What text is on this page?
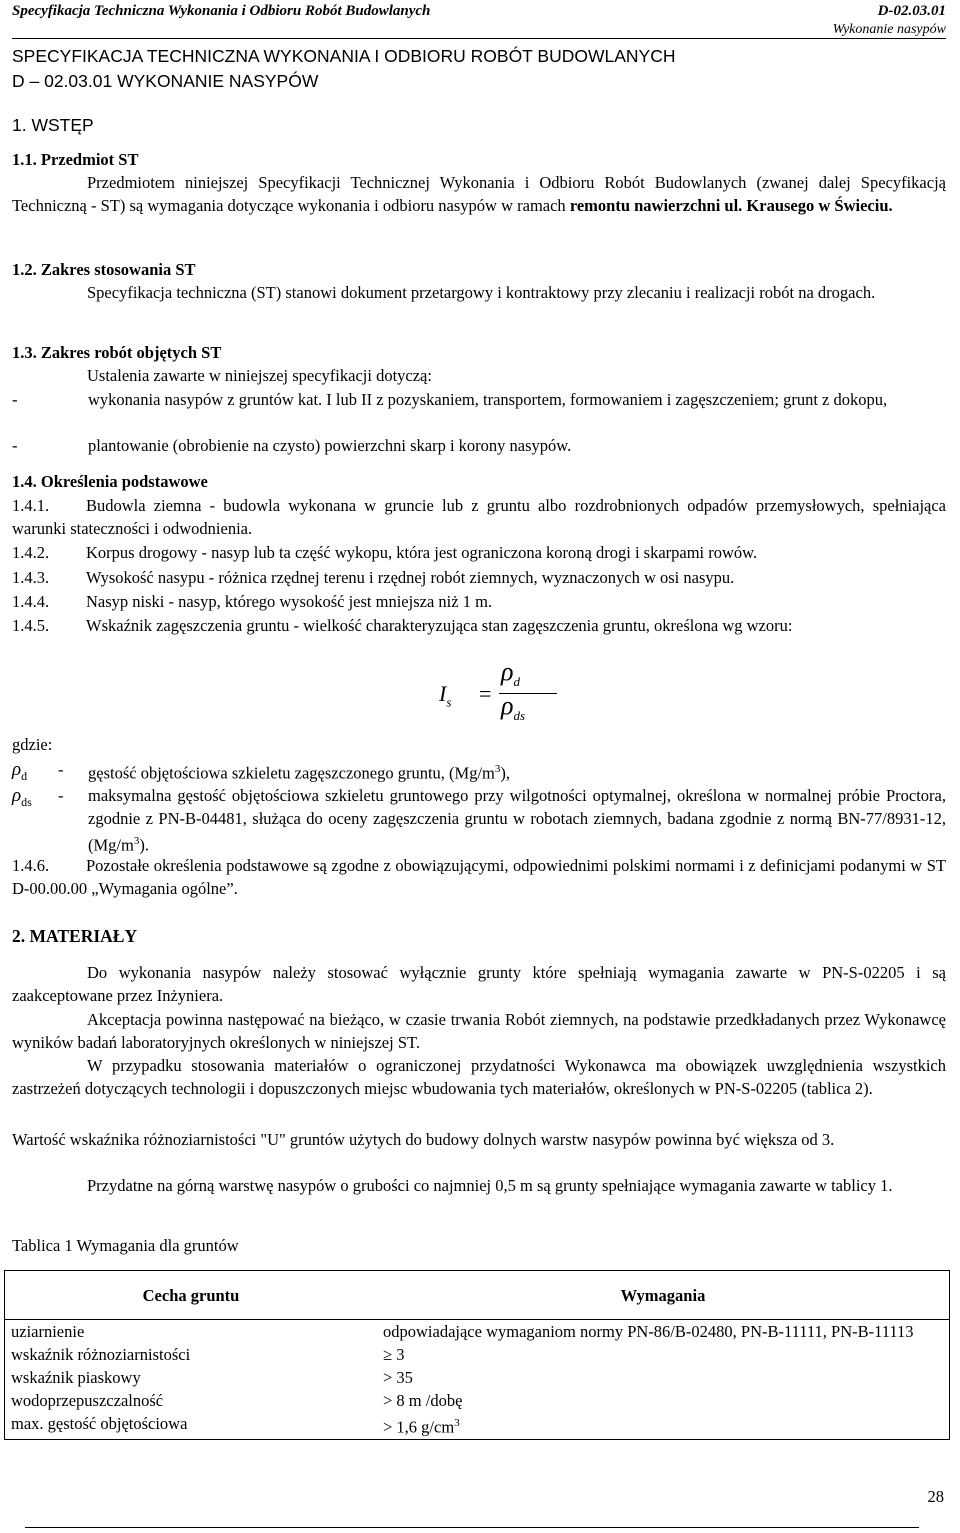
Specyfikacja Techniczna Wykonania i Odbioru Robót Budowlanych	D-02.03.01
Wykonanie nasypów
SPECYFIKACJA TECHNICZNA WYKONANIA I ODBIORU ROBÓT BUDOWLANYCH
D – 02.03.01 WYKONANIE NASYPÓW
1. WSTĘP
1.1. Przedmiot ST
Przedmiotem niniejszej Specyfikacji Technicznej Wykonania i Odbioru Robót Budowlanych (zwanej dalej Specyfikacją Techniczną - ST) są wymagania dotyczące wykonania i odbioru nasypów w ramach remontu nawierzchni ul. Krausego w Świeciu.
1.2. Zakres stosowania ST
Specyfikacja techniczna (ST) stanowi dokument przetargowy i kontraktowy przy zlecaniu i realizacji robót na drogach.
1.3. Zakres robót objętych ST
Ustalenia zawarte w niniejszej specyfikacji dotyczą:
-	wykonania nasypów z gruntów kat. I lub II z pozyskaniem, transportem, formowaniem i zagęszczeniem; grunt z dokopu,
-	plantowanie (obrobienie na czysto) powierzchni skarp i korony nasypów.
1.4. Określenia podstawowe
1.4.1. Budowla ziemna - budowla wykonana w gruncie lub z gruntu albo rozdrobnionych odpadów przemysłowych, spełniająca warunki stateczności i odwodnienia.
1.4.2. Korpus drogowy - nasyp lub ta część wykopu, która jest ograniczona koroną drogi i skarpami rowów.
1.4.3. Wysokość nasypu - różnica rzędnej terenu i rzędnej robót ziemnych, wyznaczonych w osi nasypu.
1.4.4. Nasyp niski - nasyp, którego wysokość jest mniejsza niż 1 m.
1.4.5. Wskaźnik zagęszczenia gruntu - wielkość charakteryzująca stan zagęszczenia gruntu, określona wg wzoru:
$I_s$ =
$\rho_d$
$\rho_{ds}$
gdzie:
$\rho_d$ - gęstość objętościowa szkieletu zagęszczonego gruntu, $(Mg/m^3)$,
$\rho_{ds}$ - maksymalna gęstość objętościowa szkieletu gruntowego przy wilgotności optymalnej, określona w normalnej próbie Proctora, zgodnie z PN-B-04481, służąca do oceny zagęszczenia gruntu w robotach ziemnych, badana zgodnie z normą BN-77/8931-12, $(Mg/m^3)$.
1.4.6. Pozostałe określenia podstawowe są zgodne z obowiązującymi, odpowiednimi polskimi normami i z definicjami podanymi w ST D-00.00.00 „Wymagania ogólne”.
2. MATERIAŁY
Do wykonania nasypów należy stosować wyłącznie grunty które spełniają wymagania zawarte w PN-S-02205 i są zaakceptowane przez Inżyniera.
Akceptacja powinna następować na bieżąco, w czasie trwania Robót ziemnych, na podstawie przedkładanych przez Wykonawcę wyników badań laboratoryjnych określonych w niniejszej ST.
W przypadku stosowania materiałów o ograniczonej przydatności Wykonawca ma obowiązek uwzględnienia wszystkich zastrzeżeń dotyczących technologii i dopuszczonych miejsc wbudowania tych materiałów, określonych w PN-S-02205 (tablica 2).
Wartość wskaźnika różnoziarnistości "U" gruntów użytych do budowy dolnych warstw nasypów powinna być większa od 3.
Przydatne na górną warstwę nasypów o grubości co najmniej 0,5 m są grunty spełniające wymagania zawarte w tablicy 1.
Tablica 1 Wymagania dla gruntów
Cecha gruntu	Wymagania
uziarnienie	odpowiadające wymaganiom normy PN-86/B-02480, PN-B-11111, PN-B-11113
wskaźnik różnoziarnistości	≥ 3
wskaźnik piaskowy	> 35
wodoprzepuszczalność	> 8 m /dobę
max. gęstość objętościowa	> 1,6 $g/cm^3$
28
